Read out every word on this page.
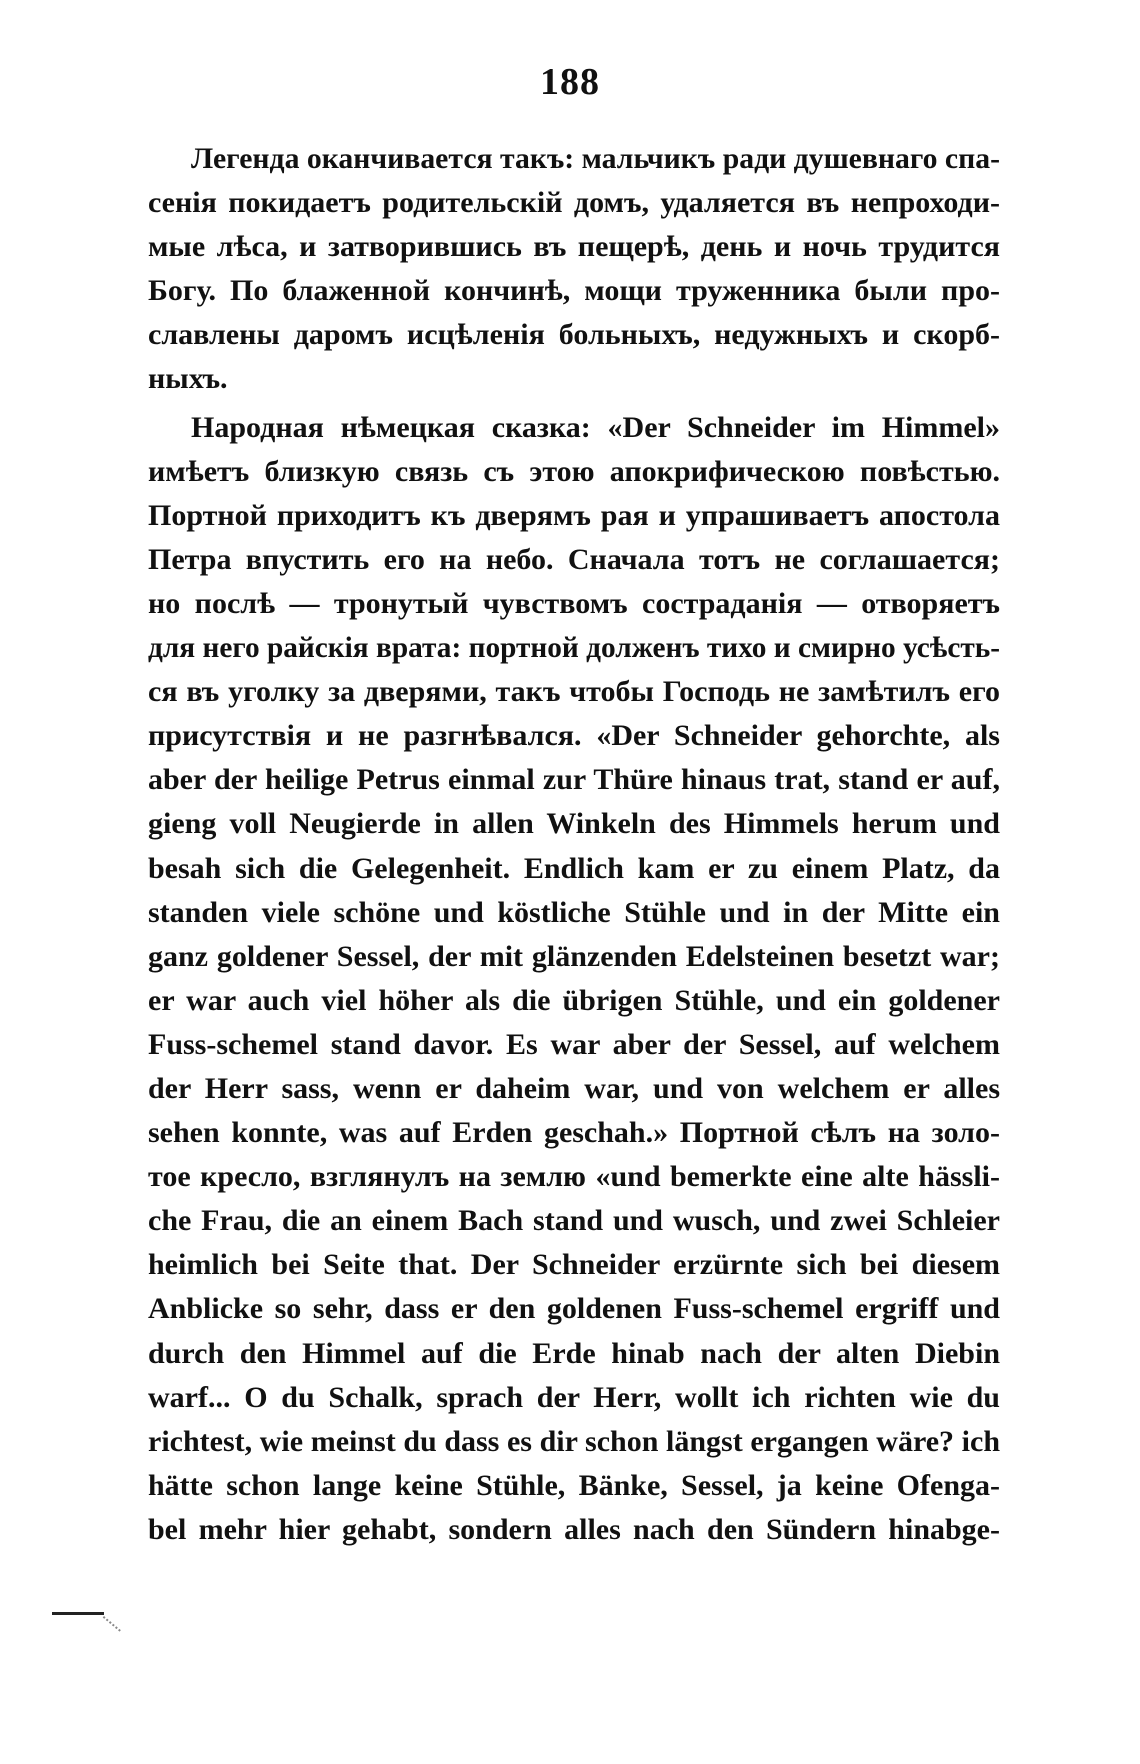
188
Легенда оканчивается такъ: мальчикъ ради душевнаго спа-
сенія покидаетъ родительскій домъ, удаляется въ непроходи-
мые лѣса, и затворившись въ пещерѣ, день и ночь трудится
Богу. По блаженной кончинѣ, мощи труженника были про-
славлены даромъ исцѣленія больныхъ, недужныхъ и скорб-
ныхъ.
Народная нѣмецкая сказка: «Der Schneider im Himmel»
имѣетъ близкую связь съ этою апокрифическою повѣстью.
Портной приходитъ къ дверямъ рая и упрашиваетъ апостола
Петра впустить его на небо. Сначала тотъ не соглашается;
но послѣ — тронутый чувствомъ состраданія — отворяетъ
для него райскія врата: портной долженъ тихо и смирно усѣсть-
ся въ уголку за дверями, такъ чтобы Господь не замѣтилъ его
присутствія и не разгнѣвался. «Der Schneider gehorchte, als
aber der heilige Petrus einmal zur Thüre hinaus trat, stand er auf,
gieng voll Neugierde in allen Winkeln des Himmels herum und
besah sich die Gelegenheit. Endlich kam er zu einem Platz, da
standen viele schöne und köstliche Stühle und in der Mitte ein
ganz goldener Sessel, der mit glänzenden Edelsteinen besetzt war;
er war auch viel höher als die übrigen Stühle, und ein goldener
Fuss-schemel stand davor. Es war aber der Sessel, auf welchem
der Herr sass, wenn er daheim war, und von welchem er alles
sehen konnte, was auf Erden geschah.» Портной сѣлъ на золо-
тое кресло, взглянулъ на землю «und bemerkte eine alte hässli-
che Frau, die an einem Bach stand und wusch, und zwei Schleier
heimlich bei Seite that. Der Schneider erzürnte sich bei diesem
Anblicke so sehr, dass er den goldenen Fuss-schemel ergriff und
durch den Himmel auf die Erde hinab nach der alten Diebin
warf... O du Schalk, sprach der Herr, wollt ich richten wie du
richtest, wie meinst du dass es dir schon längst ergangen wäre? ich
hätte schon lange keine Stühle, Bänke, Sessel, ja keine Ofenga-
bel mehr hier gehabt, sondern alles nach den Sündern hinabge-
